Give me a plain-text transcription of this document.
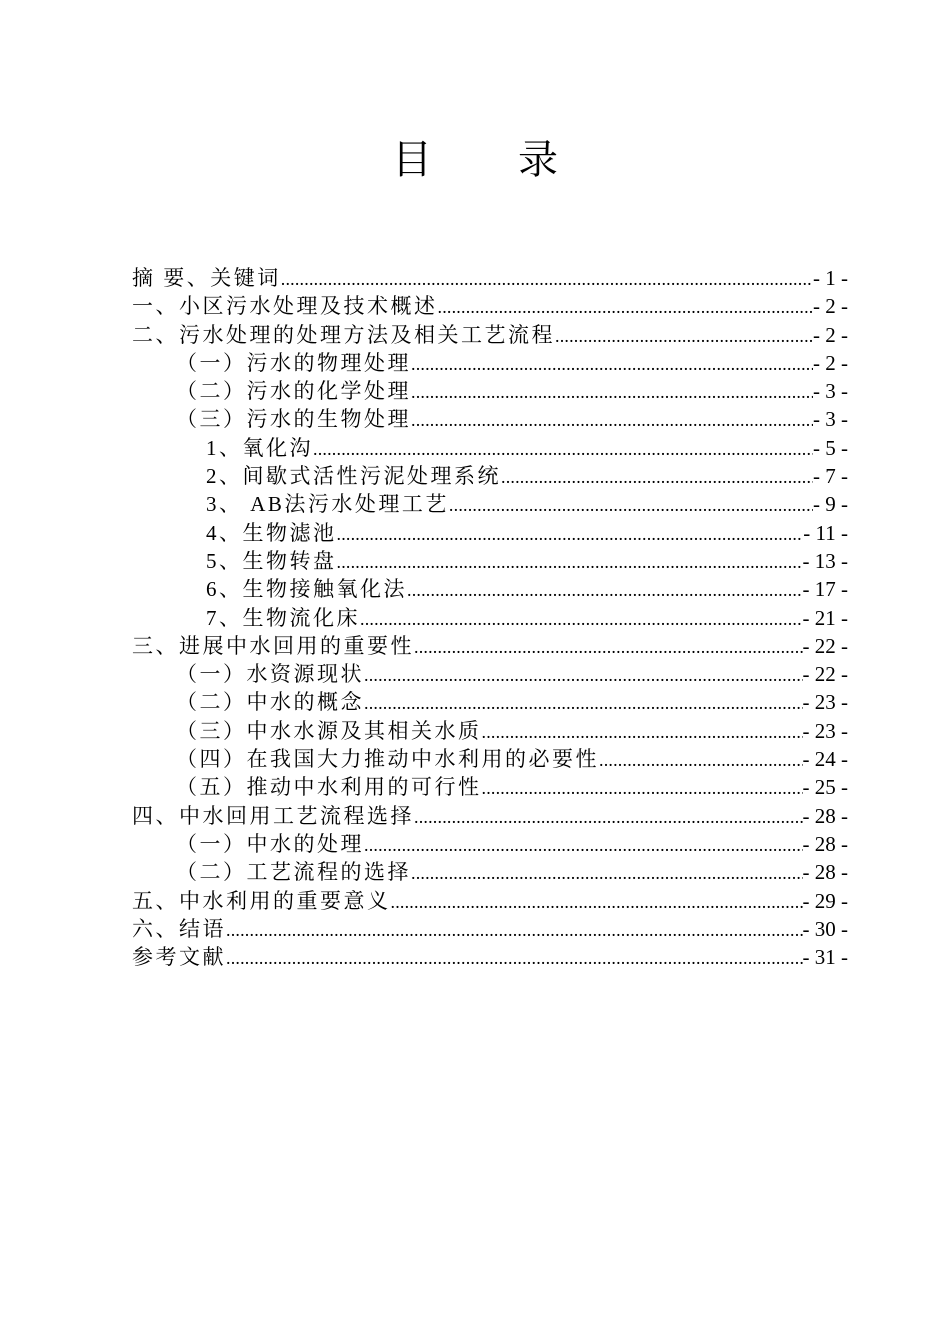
目 录
摘 要、关键词 .....	- 1 -
一、小区污水处理及技术概述 .....	- 2 -
二、污水处理的处理方法及相关工艺流程 .....	- 2 -
（一）污水的物理处理 .....	- 2 -
（二）污水的化学处理 .....	- 3 -
（三）污水的生物处理 .....	- 3 -
1、氧化沟 .....	- 5 -
2、间歇式活性污泥处理系统 .....	- 7 -
3、 AB法污水处理工艺 .....	- 9 -
4、生物滤池 .....	- 11 -
5、生物转盘 .....	- 13 -
6、生物接触氧化法 .....	- 17 -
7、生物流化床 .....	- 21 -
三、进展中水回用的重要性 .....	- 22 -
（一）水资源现状 .....	- 22 -
（二）中水的概念 .....	- 23 -
（三）中水水源及其相关水质 .....	- 23 -
（四）在我国大力推动中水利用的必要性 .....	- 24 -
（五）推动中水利用的可行性 .....	- 25 -
四、中水回用工艺流程选择 .....	- 28 -
（一）中水的处理 .....	- 28 -
（二）工艺流程的选择 .....	- 28 -
五、中水利用的重要意义 .....	- 29 -
六、结语 .....	- 30 -
参考文献 .....	- 31 -
